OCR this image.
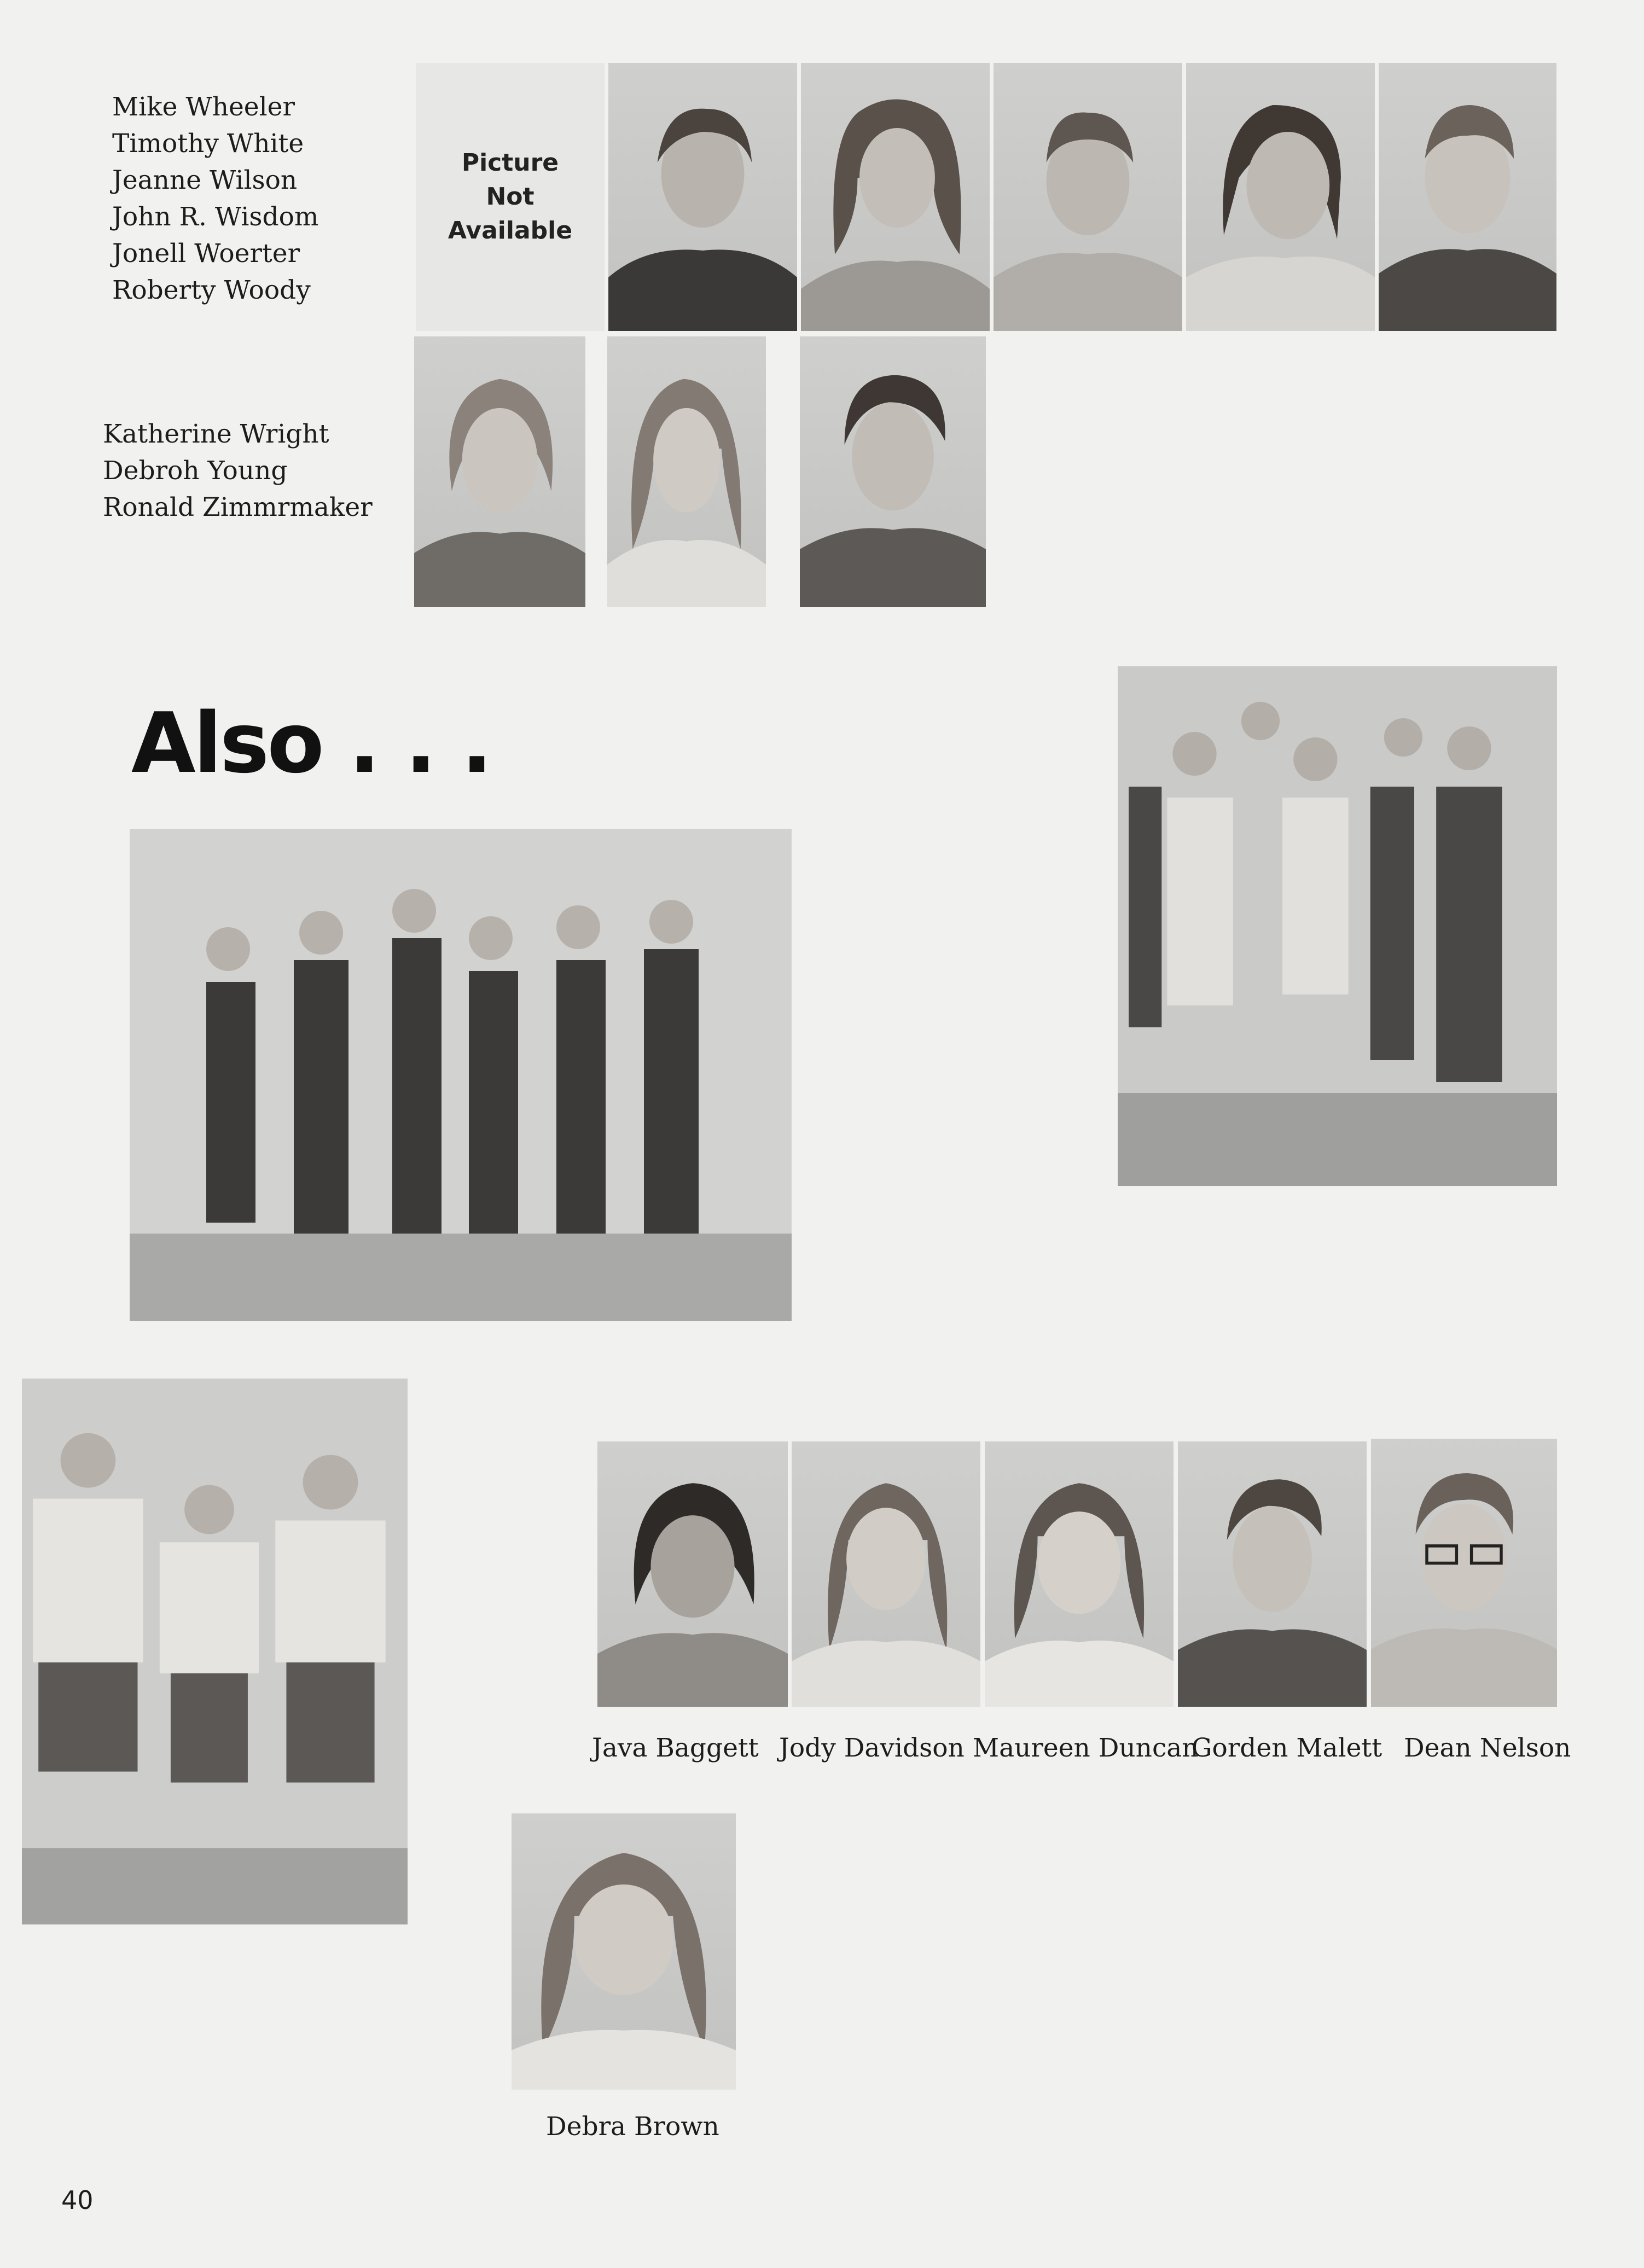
Mike Wheeler
Timothy White
Jeanne Wilson
John R. Wisdom
Jonell Woerter
Roberty Woody
Katherine Wright
Debroh Young
Ronald Zimmrmaker
Picture
Not
Available
Also . . .
Java Baggett Jody Davidson Maureen Duncan
Gorden Malett Dean Nelson
Debra Brown
40
